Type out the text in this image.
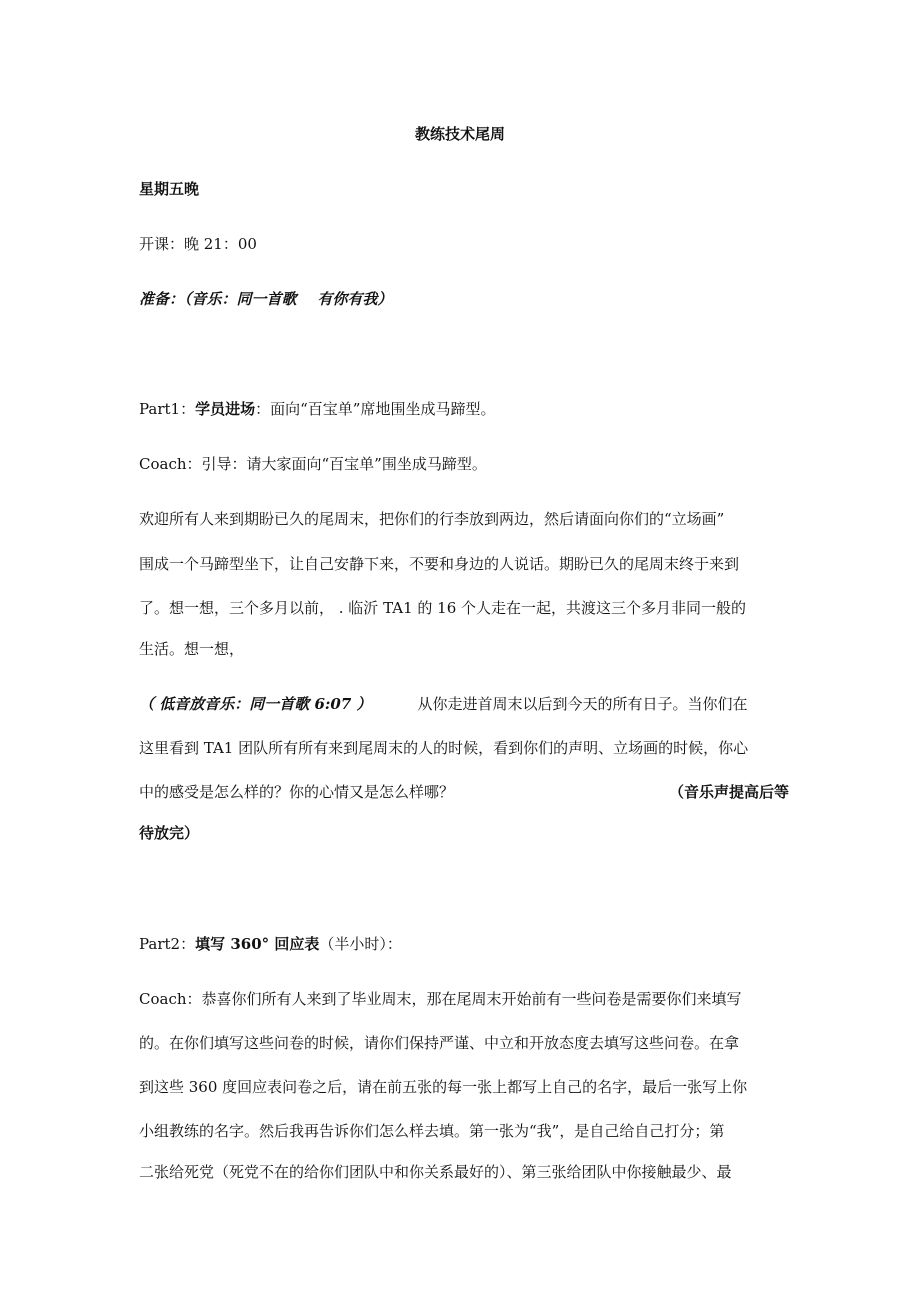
教练技术尾周
星期五晚
开课：晚 21：00
准备：（音乐：同一首歌    有你有我）
Part1：学员进场：面向“百宝单”席地围坐成马蹄型。
Coach：引导：请大家面向“百宝单”围坐成马蹄型。
欢迎所有人来到期盼已久的尾周末，把你们的行李放到两边，然后请面向你们的“立场画”
围成一个马蹄型坐下，让自己安静下来，不要和身边的人说话。期盼已久的尾周末终于来到
了。想一想，三个多月以前， . 临沂 TA1 的 16 个人走在一起，共渡这三个多月非同一般的
生活。想一想，
（ 低音放音乐：同一首歌 6:07 ）	从你走进首周末以后到今天的所有日子。当你们在
这里看到 TA1 团队所有所有来到尾周末的人的时候，看到你们的声明、立场画的时候，你心
中的感受是怎么样的？你的心情又是怎么样哪？	（音乐声提高后等
待放完）
Part2：填写 360° 回应表（半小时）：
Coach：恭喜你们所有人来到了毕业周末，那在尾周末开始前有一些问卷是需要你们来填写
的。在你们填写这些问卷的时候，请你们保持严谨、中立和开放态度去填写这些问卷。在拿
到这些 360 度回应表问卷之后，请在前五张的每一张上都写上自己的名字，最后一张写上你
小组教练的名字。然后我再告诉你们怎么样去填。第一张为“我”，是自己给自己打分；第
二张给死党（死党不在的给你们团队中和你关系最好的）、第三张给团队中你接触最少、最
